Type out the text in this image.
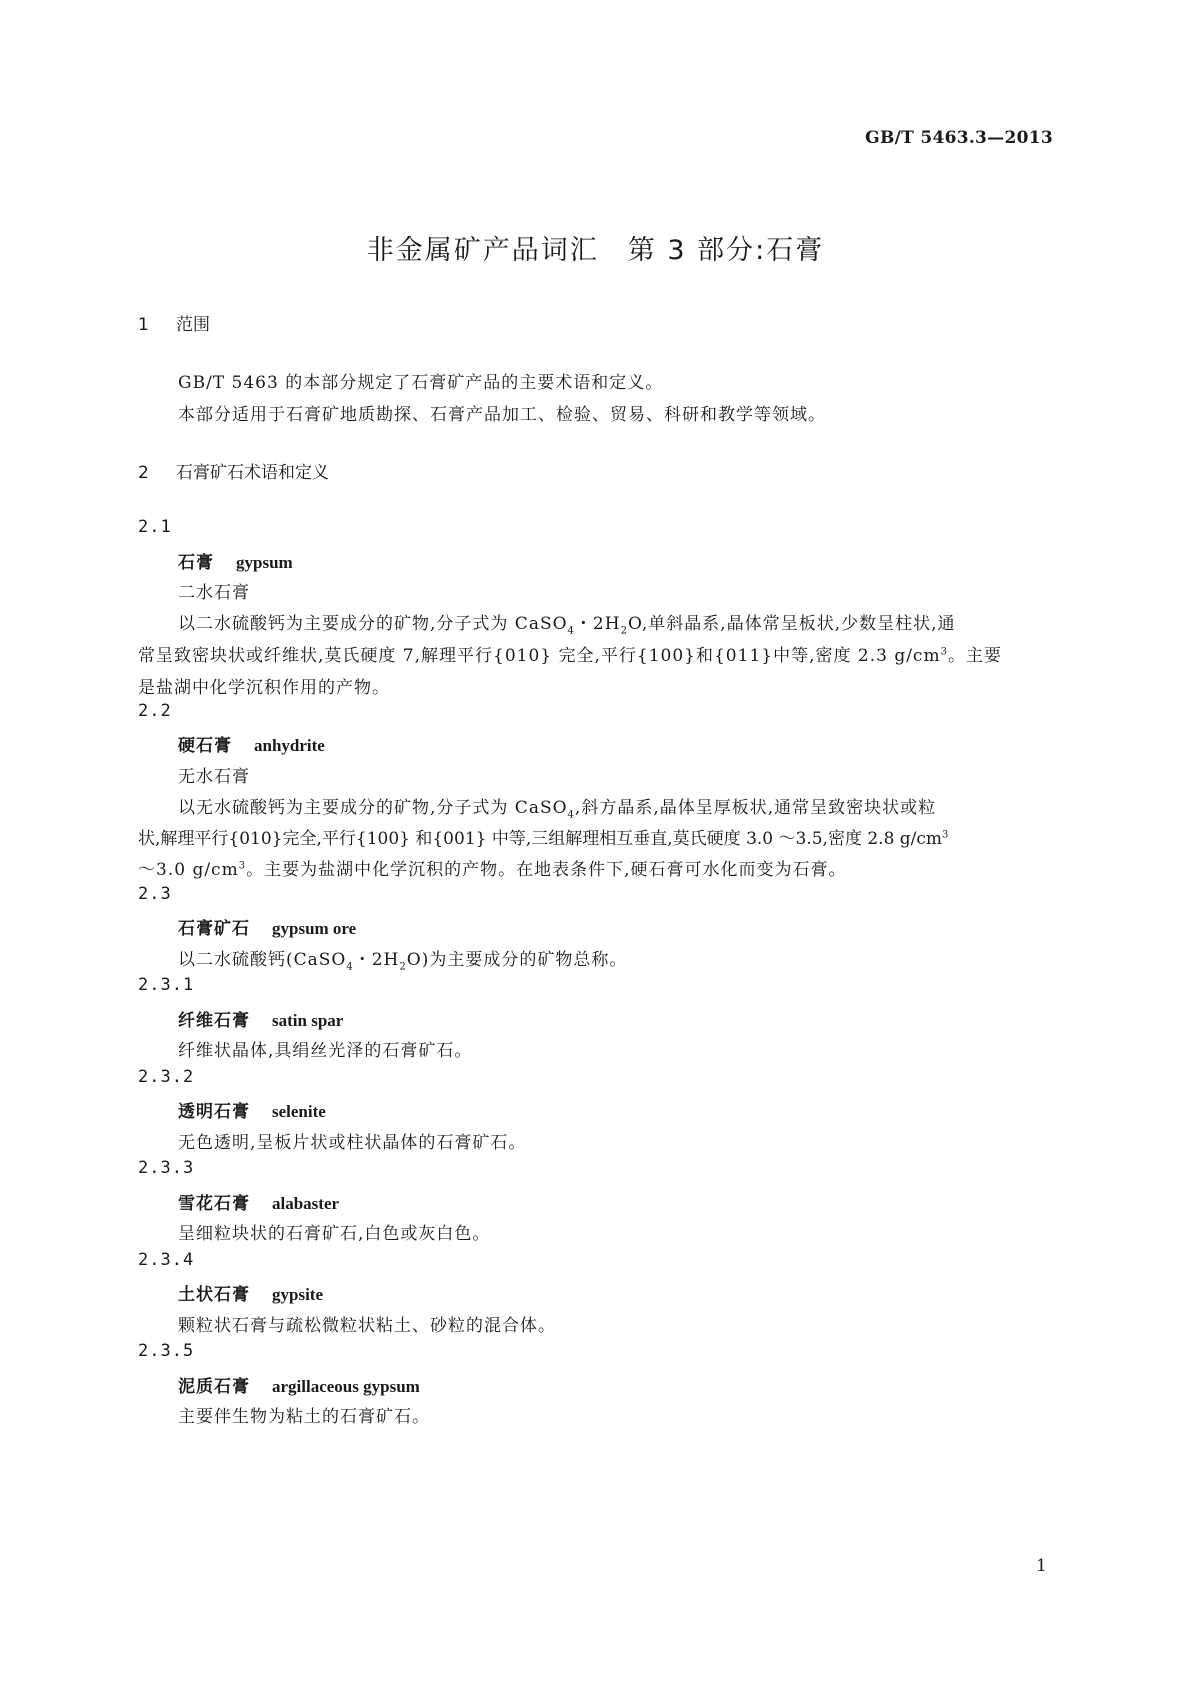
GB/T 5463.3—2013
非金属矿产品词汇　第 3 部分:石膏
1 范围
GB/T 5463 的本部分规定了石膏矿产品的主要术语和定义。
本部分适用于石膏矿地质勘探、石膏产品加工、检验、贸易、科研和教学等领域。
2 石膏矿石术语和定义
2.1
石膏 gypsum
二水石膏
以二水硫酸钙为主要成分的矿物,分子式为 CaSO$_4$・$2H_2O$,单斜晶系,晶体常呈板状,少数呈柱状,通
常呈致密块状或纤维状,莫氏硬度 7,解理平行{010} 完全,平行{100}和{011}中等,密度 2.3 $g/cm^3$。主要
是盐湖中化学沉积作用的产物。
2.2
硬石膏 anhydrite
无水石膏
以无水硫酸钙为主要成分的矿物,分子式为 CaSO$_4$,斜方晶系,晶体呈厚板状,通常呈致密块状或粒
状,解理平行{010}完全,平行{100} 和{001} 中等,三组解理相互垂直,莫氏硬度 3.0 ～3.5,密度 2.8 $g/cm^3$
～3.0 $g/cm^3$。主要为盐湖中化学沉积的产物。在地表条件下,硬石膏可水化而变为石膏。
2.3
石膏矿石 gypsum ore
以二水硫酸钙(CaSO$_4$・$2H_2O$)为主要成分的矿物总称。
2.3.1
纤维石膏 satin spar
纤维状晶体,具绢丝光泽的石膏矿石。
2.3.2
透明石膏 selenite
无色透明,呈板片状或柱状晶体的石膏矿石。
2.3.3
雪花石膏 alabaster
呈细粒块状的石膏矿石,白色或灰白色。
2.3.4
土状石膏 gypsite
颗粒状石膏与疏松微粒状粘土、砂粒的混合体。
2.3.5
泥质石膏 argillaceous gypsum
主要伴生物为粘土的石膏矿石。
1
